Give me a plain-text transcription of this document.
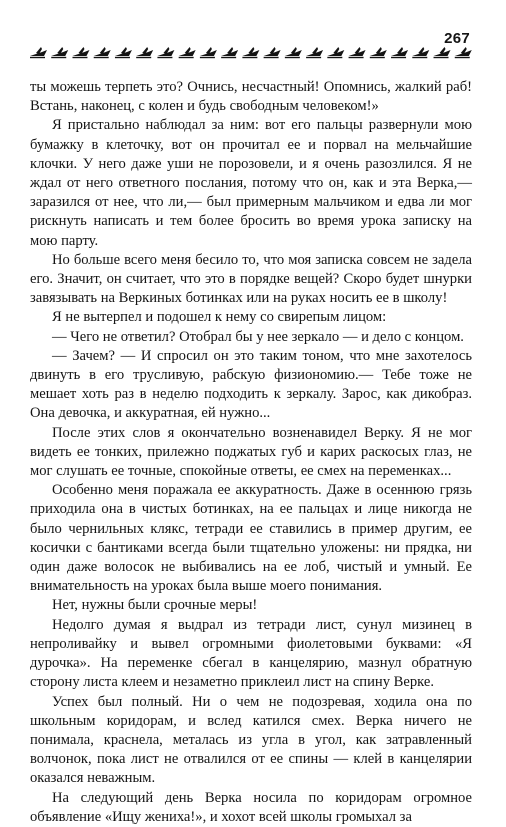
267

ты можешь терпеть это? Очнись, несчастный! Опомнись, жалкий раб! Встань, наконец, с колен и будь свободным человеком!»

Я пристально наблюдал за ним: вот его пальцы развернули мою бумажку в клеточку, вот он прочитал ее и порвал на мельчайшие клочки. У него даже уши не порозовели, и я очень разозлился. Я не ждал от него ответного послания, потому что он, как и эта Верка,— заразился от нее, что ли,— был примерным мальчиком и едва ли мог рискнуть написать и тем более бросить во время урока записку на мою парту.

Но больше всего меня бесило то, что моя записка совсем не задела его. Значит, он считает, что это в порядке вещей? Скоро будет шнурки завязывать на Веркиных ботинках или на руках носить ее в школу!

Я не вытерпел и подошел к нему со свирепым лицом:

— Чего не ответил? Отобрал бы у нее зеркало — и дело с концом.

— Зачем? — И спросил он это таким тоном, что мне захотелось двинуть в его трусливую, рабскую физиономию.— Тебе тоже не мешает хоть раз в неделю подходить к зеркалу. Зарос, как дикобраз. Она девочка, и аккуратная, ей нужно...

После этих слов я окончательно возненавидел Верку. Я не мог видеть ее тонких, прилежно поджатых губ и карих раскосых глаз, не мог слушать ее точные, спокойные ответы, ее смех на переменках...

Особенно меня поражала ее аккуратность. Даже в осеннюю грязь приходила она в чистых ботинках, на ее пальцах и лице никогда не было чернильных клякс, тетради ее ставились в пример другим, ее косички с бантиками всегда были тщательно уложены: ни прядка, ни один даже волосок не выбивались на ее лоб, чистый и умный. Ее внимательность на уроках была выше моего понимания.

Нет, нужны были срочные меры!

Недолго думая я выдрал из тетради лист, сунул мизинец в непроливайку и вывел огромными фиолетовыми буквами: «Я дурочка». На переменке сбегал в канцелярию, мазнул обратную сторону листа клеем и незаметно приклеил лист на спину Верке.

Успех был полный. Ни о чем не подозревая, ходила она по школьным коридорам, и вслед катился смех. Верка ничего не понимала, краснела, металась из угла в угол, как затравленный волчонок, пока лист не отвалился от ее спины — клей в канцелярии оказался неважным.

На следующий день Верка носила по коридорам огромное объявление «Ищу жениха!», и хохот всей школы громыхал за
